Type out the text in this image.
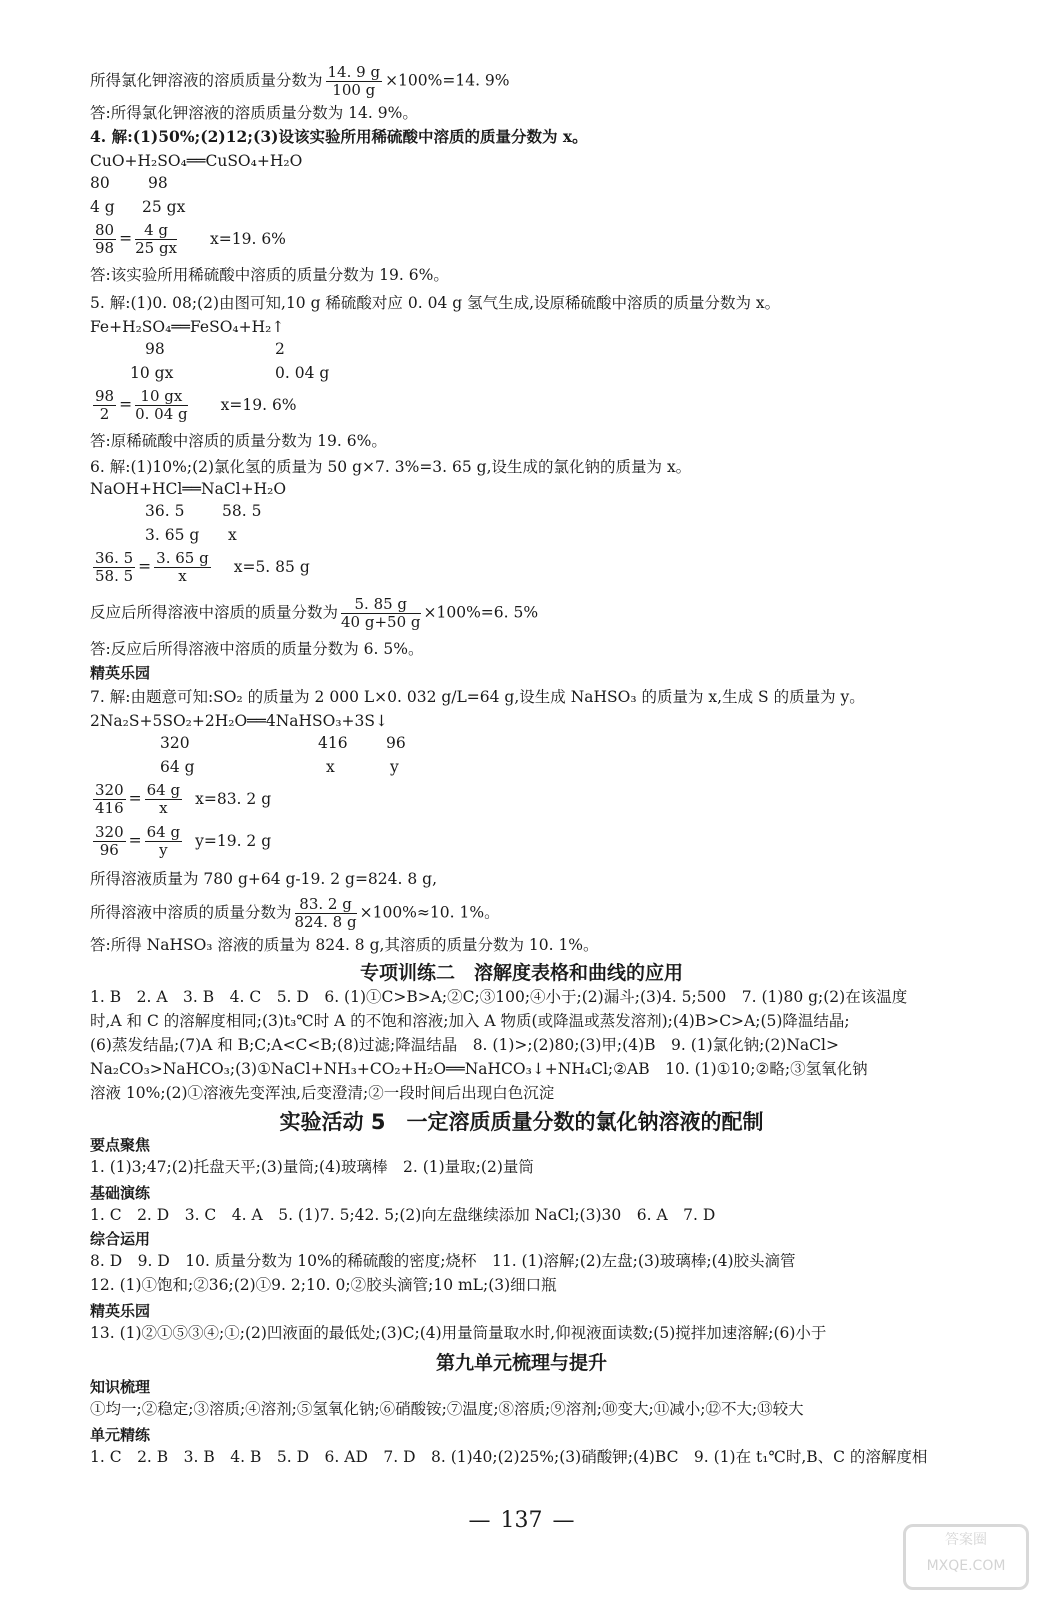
所得氯化钾溶液的溶质质量分数为 $\frac{14. 9 g}{100 g} \times 100\%=14$. 9%
答:所得氯化钾溶液的溶质质量分数为 14. 9%。
4. 解:(1)50%;(2)12;(3)设该实验所用稀硫酸中溶质的质量分数为 x。
CuO+H₂SO₄══CuSO₄+H₂O
80 98
4 g 25 gx
$\frac{80}{98} = \frac{4 g}{25 gx} x=19$. 6%
答:该实验所用稀硫酸中溶质的质量分数为 19. 6%。
5. 解:(1)0. 08;(2)由图可知,10 g 稀硫酸对应 0. 04 g 氢气生成,设原稀硫酸中溶质的质量分数为 x。
Fe+H₂SO₄══FeSO₄+H₂↑
98	2
10 gx	0. 04 g
$\frac{98}{2} = \frac{10 gx}{0. 04 g} x=19$. 6%
答:原稀硫酸中溶质的质量分数为 19. 6%。
6. 解:(1)10%;(2)氯化氢的质量为 50 g×7. 3%=3. 65 g,设生成的氯化钠的质量为 x。
NaOH+HCl══NaCl+H₂O
36. 5 58. 5
3. 65 g x
$\frac{36. 5}{58. 5} = \frac{3. 65 g}{x} x=5$. 85 g
反应后所得溶液中溶质的质量分数为 $\frac{5. 85 g}{40 g+50 g} \times 100\%=6$. 5%
答:反应后所得溶液中溶质的质量分数为 6. 5%。
精英乐园
7. 解:由题意可知:SO₂ 的质量为 2 000 L×0. 032 g/L=64 g,设生成 NaHSO₃ 的质量为 x,生成 S 的质量为 y。
2Na₂S+5SO₂+2H₂O══4NaHSO₃+3S↓
320	416 96
64 g	x	y
$\frac{320}{416} = \frac{64 g}{x} x=83$. 2 g
$\frac{320}{96} = \frac{64 g}{y} y=19$. 2 g
所得溶液质量为 780 g+64 g-19. 2 g=824. 8 g,
所得溶液中溶质的质量分数为 $\frac{83. 2 g}{824. 8 g} \times 100\%\approx 10$. 1%。
答:所得 NaHSO₃ 溶液的质量为 824. 8 g,其溶质的质量分数为 10. 1%。
专项训练二　溶解度表格和曲线的应用
1. B　2. A　3. B　4. C　5. D　6. (1)①C>B>A;②C;③100;④小于;(2)漏斗;(3)4. 5;500　7. (1)80 g;(2)在该温度
时,A 和 C 的溶解度相同;(3)t₃℃时 A 的不饱和溶液;加入 A 物质(或降温或蒸发溶剂);(4)B>C>A;(5)降温结晶;
(6)蒸发结晶;(7)A 和 B;C;A<C<B;(8)过滤;降温结晶　8. (1)>;(2)80;(3)甲;(4)B　9. (1)氯化钠;(2)NaCl>
Na₂CO₃>NaHCO₃;(3)①NaCl+NH₃+CO₂+H₂O══NaHCO₃↓+NH₄Cl;②AB　10. (1)①10;②略;③氢氧化钠
溶液 10%;(2)①溶液先变浑浊,后变澄清;②一段时间后出现白色沉淀
实验活动 5　一定溶质质量分数的氯化钠溶液的配制
要点聚焦
1. (1)3;47;(2)托盘天平;(3)量筒;(4)玻璃棒　2. (1)量取;(2)量筒
基础演练
1. C　2. D　3. C　4. A　5. (1)7. 5;42. 5;(2)向左盘继续添加 NaCl;(3)30　6. A　7. D
综合运用
8. D　9. D　10. 质量分数为 10%的稀硫酸的密度;烧杯　11. (1)溶解;(2)左盘;(3)玻璃棒;(4)胶头滴管
12. (1)①饱和;②36;(2)①9. 2;10. 0;②胶头滴管;10 mL;(3)细口瓶
精英乐园
13. (1)②①⑤③④;①;(2)凹液面的最低处;(3)C;(4)用量筒量取水时,仰视液面读数;(5)搅拌加速溶解;(6)小于
第九单元梳理与提升
知识梳理
①均一;②稳定;③溶质;④溶剂;⑤氢氧化钠;⑥硝酸铵;⑦温度;⑧溶质;⑨溶剂;⑩变大;⑪减小;⑫不大;⑬较大
单元精练
1. C　2. B　3. B　4. B　5. D　6. AD　7. D　8. (1)40;(2)25%;(3)硝酸钾;(4)BC　9. (1)在 t₁℃时,B、C 的溶解度相
— 137 —
答案圈
MXQE.COM
